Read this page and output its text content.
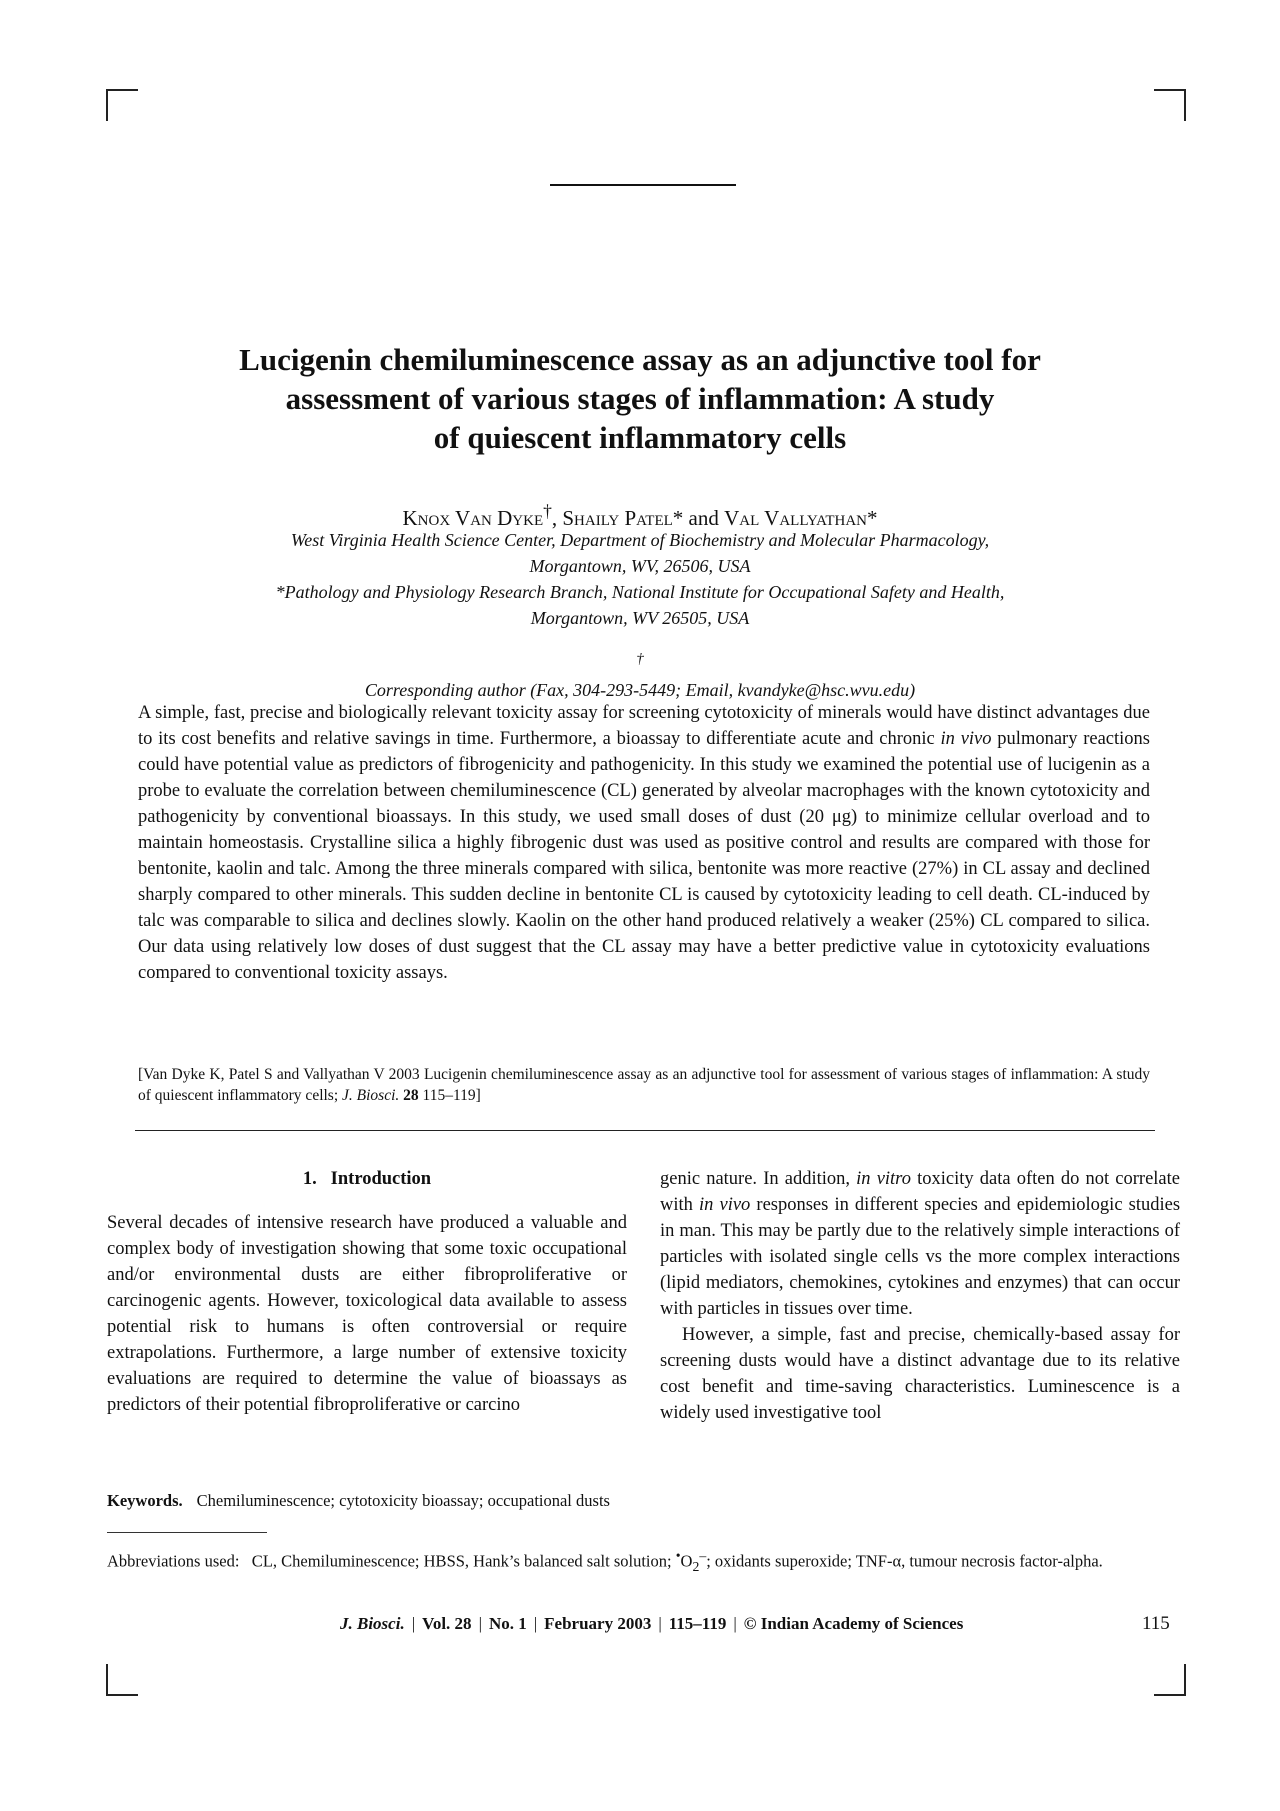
Lucigenin chemiluminescence assay as an adjunctive tool for
assessment of various stages of inflammation: A study
of quiescent inflammatory cells
Knox Van Dyke†, Shaily Patel* and Val Vallyathan*
West Virginia Health Science Center, Department of Biochemistry and Molecular Pharmacology,
Morgantown, WV, 26506, USA
*Pathology and Physiology Research Branch, National Institute for Occupational Safety and Health,
Morgantown, WV 26505, USA
†
Corresponding author (Fax, 304-293-5449; Email, kvandyke@hsc.wvu.edu)

A simple, fast, precise and biologically relevant toxicity assay for screening cytotoxicity of minerals would have distinct advantages due to its cost benefits and relative savings in time. Furthermore, a bioassay to differentiate acute and chronic in vivo pulmonary reactions could have potential value as predictors of fibrogenicity and pathogenicity. In this study we examined the potential use of lucigenin as a probe to evaluate the correlation between chemiluminescence (CL) generated by alveolar macrophages with the known cytotoxicity and pathogenicity by conventional bioassays. In this study, we used small doses of dust (20 μg) to minimize cellular overload and to maintain homeostasis. Crystalline silica a highly fibrogenic dust was used as positive control and results are compared with those for bentonite, kaolin and talc. Among the three minerals compared with silica, bentonite was more reactive (27%) in CL assay and declined sharply compared to other minerals. This sudden decline in bentonite CL is caused by cytotoxicity leading to cell death. CL-induced by talc was comparable to silica and declines slowly. Kaolin on the other hand produced relatively a weaker (25%) CL compared to silica. Our data using relatively low doses of dust suggest that the CL assay may have a better predictive value in cytotoxicity evaluations compared to conventional toxicity assays.

[Van Dyke K, Patel S and Vallyathan V 2003 Lucigenin chemiluminescence assay as an adjunctive tool for assessment of various stages of inflammation: A study of quiescent inflammatory cells; J. Biosci. 28 115–119]

1.   Introduction

Several decades of intensive research have produced a valuable and complex body of investigation showing that some toxic occupational and/or environmental dusts are either fibroproliferative or carcinogenic agents. However, toxicological data available to assess potential risk to humans is often controversial or require extrapolations. Furthermore, a large number of extensive toxicity evaluations are required to determine the value of bioassays as predictors of their potential fibroproliferative or carcino

genic nature. In addition, in vitro toxicity data often do not correlate with in vivo responses in different species and epidemiologic studies in man. This may be partly due to the relatively simple interactions of particles with isolated single cells vs the more complex interactions (lipid mediators, chemokines, cytokines and enzymes) that can occur with particles in tissues over time.

However, a simple, fast and precise, chemically-based assay for screening dusts would have a distinct advantage due to its relative cost benefit and time-saving characteristics. Luminescence is a widely used investigative tool

Keywords. Chemiluminescence; cytotoxicity bioassay; occupational dusts
Abbreviations used:   CL, Chemiluminescence; HBSS, Hank’s balanced salt solution; $^•O_2^-$; oxidants superoxide; TNF-α, tumour necrosis factor-alpha.
J. Biosci. | Vol. 28 | No. 1 | February 2003 | 115–119 | © Indian Academy of Sciences	115
